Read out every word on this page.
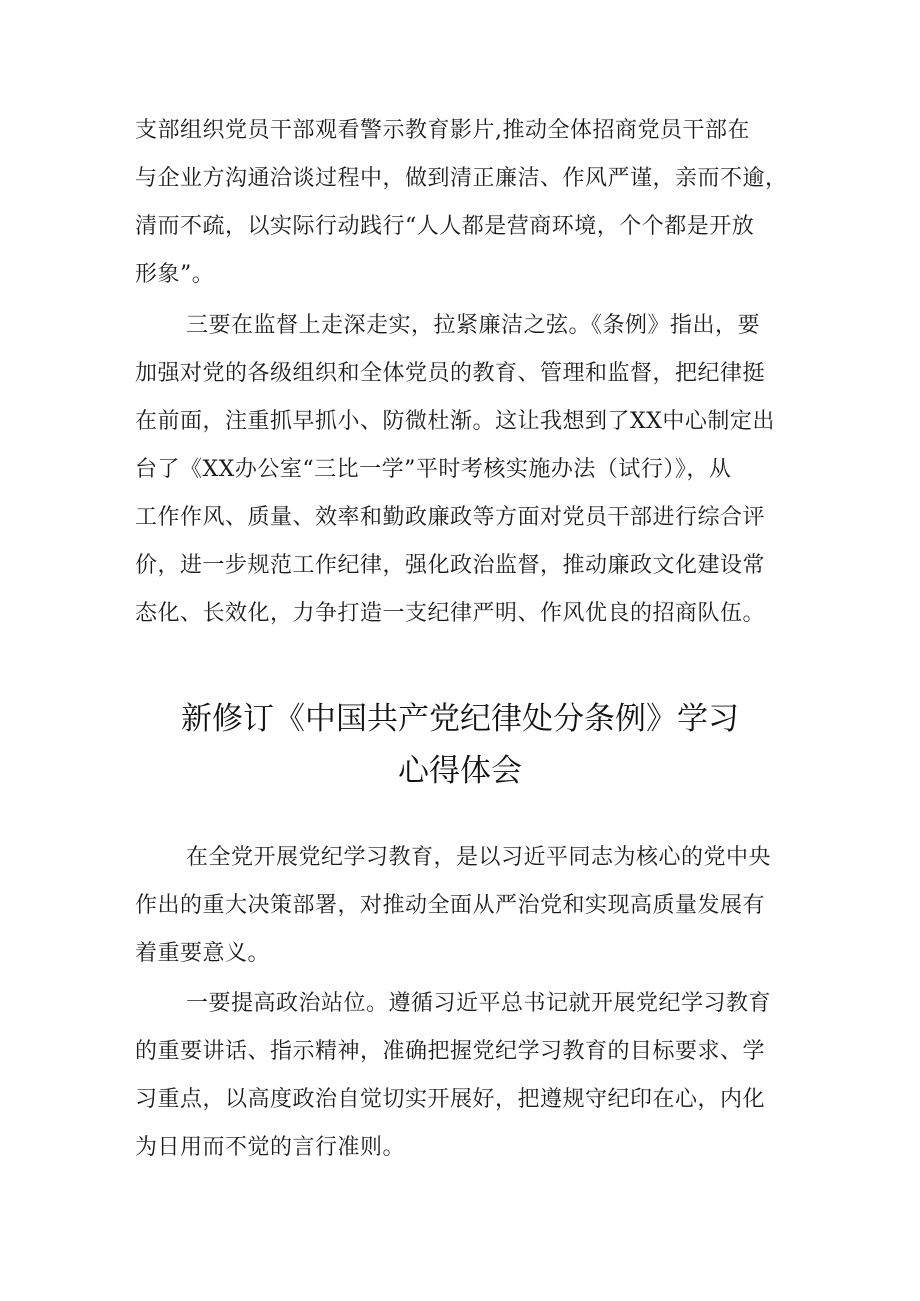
支部组织党员干部观看警示教育影片,推动全体招商党员干部在
与企业方沟通洽谈过程中，做到清正廉洁、作风严谨，亲而不逾，
清而不疏，以实际行动践行“人人都是营商环境，个个都是开放
形象”。
三要在监督上走深走实，拉紧廉洁之弦。《条例》指出，要
加强对党的各级组织和全体党员的教育、管理和监督，把纪律挺
在前面，注重抓早抓小、防微杜渐。这让我想到了XX中心制定出
台了《XX办公室“三比一学”平时考核实施办法（试行）》，从
工作作风、质量、效率和勤政廉政等方面对党员干部进行综合评
价，进一步规范工作纪律，强化政治监督，推动廉政文化建设常
态化、长效化，力争打造一支纪律严明、作风优良的招商队伍。
新修订《中国共产党纪律处分条例》学习
心得体会
在全党开展党纪学习教育，是以习近平同志为核心的党中央
作出的重大决策部署，对推动全面从严治党和实现高质量发展有
着重要意义。
一要提高政治站位。遵循习近平总书记就开展党纪学习教育
的重要讲话、指示精神，准确把握党纪学习教育的目标要求、学
习重点，以高度政治自觉切实开展好，把遵规守纪印在心，内化
为日用而不觉的言行准则。
